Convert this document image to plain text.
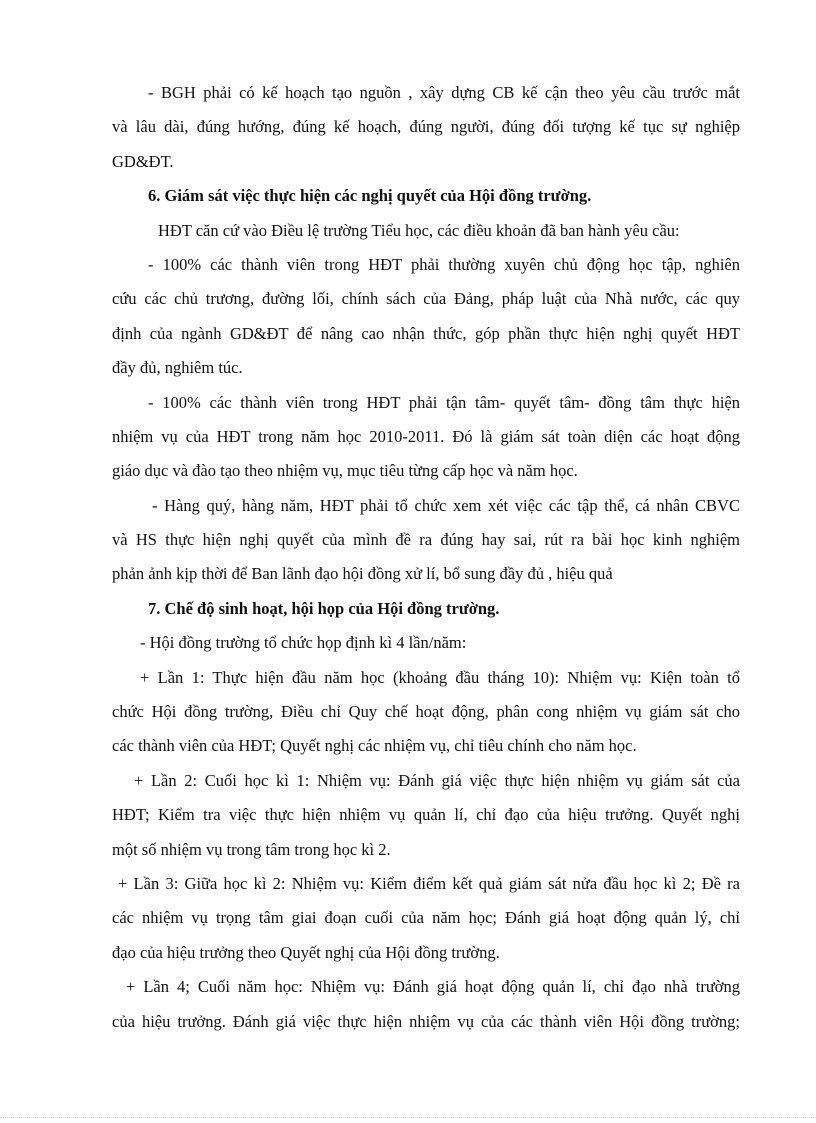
- BGH phải có kế hoạch tạo nguồn , xây dựng CB kế cận theo yêu cầu trước mắt
và lâu dài, đúng hướng, đúng kế hoạch, đúng người, đúng đối tượng kế tục sự nghiệp
GD&ĐT.
6. Giám sát việc thực hiện các nghị quyết của Hội đồng trường.
HĐT căn cứ vào Điều lệ trường Tiểu học, các điều khoản đã ban hành yêu cầu:
- 100% các thành viên trong HĐT phải thường xuyên chủ động học tập, nghiên
cứu các chủ trương, đường lối, chính sách của Đảng, pháp luật của Nhà nước, các quy
định của ngành GD&ĐT để nâng cao nhận thức, góp phần thực hiện nghị quyết HĐT
đầy đủ, nghiêm túc.
- 100% các thành viên trong HĐT phải tận tâm- quyết tâm- đồng tâm thực hiện
nhiệm vụ của HĐT trong năm học 2010-2011. Đó là giám sát toàn diện các hoạt động
giáo dục và đào tạo theo nhiệm vụ, mục tiêu từng cấp học và năm học.
- Hàng quý, hàng năm, HĐT phải tổ chức xem xét việc các tập thể, cá nhân CBVC
và HS thực hiện nghị quyết của mình đề ra đúng hay sai, rút ra bài học kinh nghiệm
phản ảnh kịp thời để Ban lãnh đạo hội đồng xử lí, bổ sung đầy đủ , hiệu quả
7. Chế độ sinh hoạt, hội họp của Hội đồng trường.
- Hội đồng trường tổ chức họp định kì 4 lần/năm:
+ Lần 1: Thực hiện đầu năm học (khoảng đầu tháng 10): Nhiệm vụ: Kiện toàn tổ
chức Hội đồng trường, Điều chỉ Quy chế hoạt động, phân cong nhiệm vụ giám sát cho
các thành viên của HĐT; Quyết nghị các nhiệm vụ, chỉ tiêu chính cho năm học.
+ Lần 2: Cuối học kì 1: Nhiệm vụ: Đánh giá việc thực hiện nhiệm vụ giám sát của
HĐT; Kiểm tra việc thực hiện nhiệm vụ quản lí, chỉ đạo của hiệu trưởng. Quyết nghị
một số nhiệm vụ trong tâm trong học kì 2.
+ Lần 3: Giữa học kì 2: Nhiệm vụ: Kiểm điểm kết quả giám sát nửa đầu học kì 2; Đề ra
các nhiệm vụ trọng tâm giai đoạn cuối của năm học; Đánh giá hoạt động quản lý, chỉ
đạo của hiệu trưởng theo Quyết nghị của Hội đồng trường.
+ Lần 4; Cuối năm học: Nhiệm vụ: Đánh giá hoạt động quản lí, chỉ đạo nhà trường
của hiệu trưởng. Đánh giá việc thực hiện nhiệm vụ của các thành viên Hội đồng trường;
